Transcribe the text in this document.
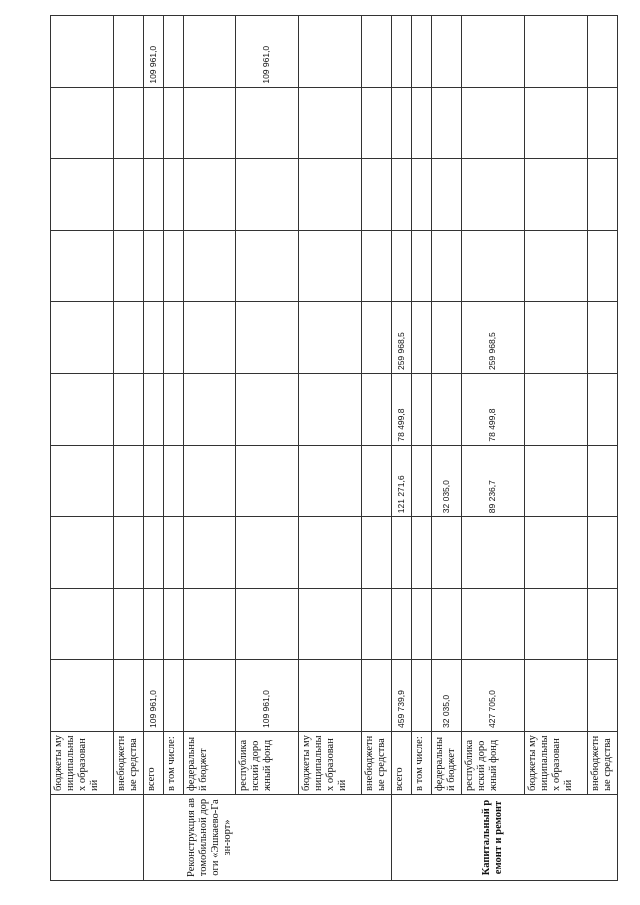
	бюджеты муниципальных образований										
	внебюджетные средства										
	всего	109 961,0									109 961,0
	в том числе:										
Реконструкция автомобильной дороги «Эшкаево-Газн-юрт»	федеральный бюджет										
	республиканский дорожный фонд	109 961,0									109 961,0
	бюджеты муниципальных образований										
	внебюджетные средства										
	всего	459 739,9			121 271,6	78 499,8	259 968,5				
	в том числе:										
	федеральный бюджет	32 035,0			32 035,0						
Капитальный ремонт и ремонт	республиканский дорожный фонд	427 705,0			89 236,7	78 499,8	259 968,5				
	бюджеты муниципальных образований										
	внебюджетные средства										
